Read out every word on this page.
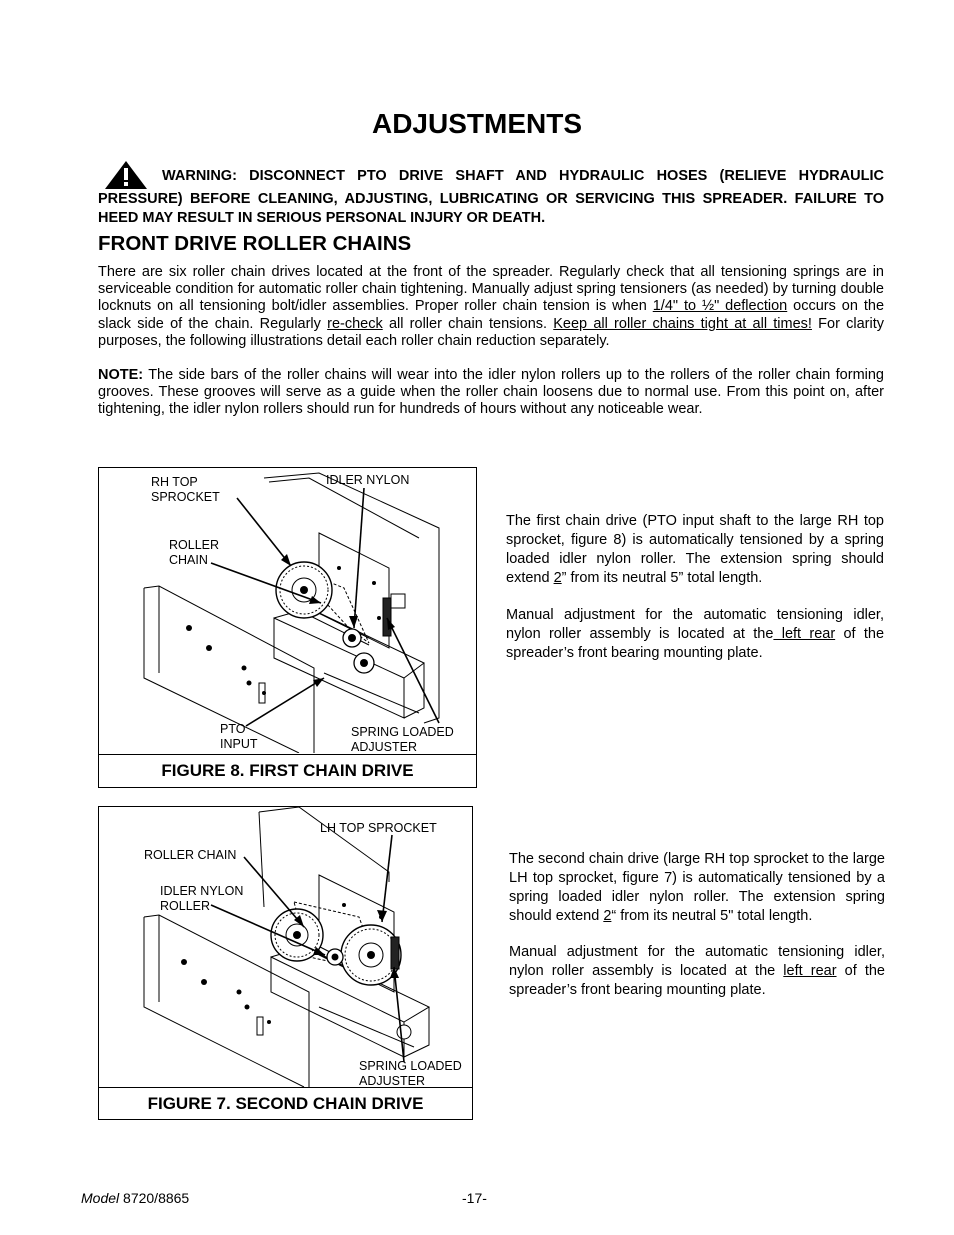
ADJUSTMENTS

WARNING: DISCONNECT PTO DRIVE SHAFT AND HYDRAULIC HOSES (RELIEVE HYDRAULIC PRESSURE) BEFORE CLEANING, ADJUSTING, LUBRICATING OR SERVICING THIS SPREADER. FAILURE TO HEED MAY RESULT IN SERIOUS PERSONAL INJURY OR DEATH.

FRONT DRIVE ROLLER CHAINS

There are six roller chain drives located at the front of the spreader. Regularly check that all tensioning springs are in serviceable condition for automatic roller chain tightening. Manually adjust spring tensioners (as needed) by turning double locknuts on all tensioning bolt/idler assemblies. Proper roller chain tension is when 1/4" to ½" deflection occurs on the slack side of the chain. Regularly re-check all roller chain tensions. Keep all roller chains tight at all times! For clarity purposes, the following illustrations detail each roller chain reduction separately.

NOTE: The side bars of the roller chains will wear into the idler nylon rollers up to the rollers of the roller chain forming grooves. These grooves will serve as a guide when the roller chain loosens due to normal use. From this point on, after tightening, the idler nylon rollers should run for hundreds of hours without any noticeable wear.

RH TOP
SPROCKET
IDLER NYLON
ROLLER
CHAIN
PTO
INPUT
SPRING LOADED
ADJUSTER
FIGURE 8. FIRST CHAIN DRIVE

The first chain drive (PTO input shaft to the large RH top sprocket, figure 8) is automatically tensioned by a spring loaded idler nylon roller. The extension spring should extend 2” from its neutral 5” total length.

Manual adjustment for the automatic tensioning idler, nylon roller assembly is located at the left rear of the spreader’s front bearing mounting plate.

LH TOP SPROCKET
ROLLER CHAIN
IDLER NYLON
ROLLER
SPRING LOADED
ADJUSTER
FIGURE 7. SECOND CHAIN DRIVE

The second chain drive (large RH top sprocket to the large LH top sprocket, figure 7) is automatically tensioned by a spring loaded idler nylon roller. The extension spring should extend 2“ from its neutral 5" total length.

Manual adjustment for the automatic tensioning idler, nylon roller assembly is located at the left rear of the spreader’s front bearing mounting plate.

Model 8720/8865	-17-
